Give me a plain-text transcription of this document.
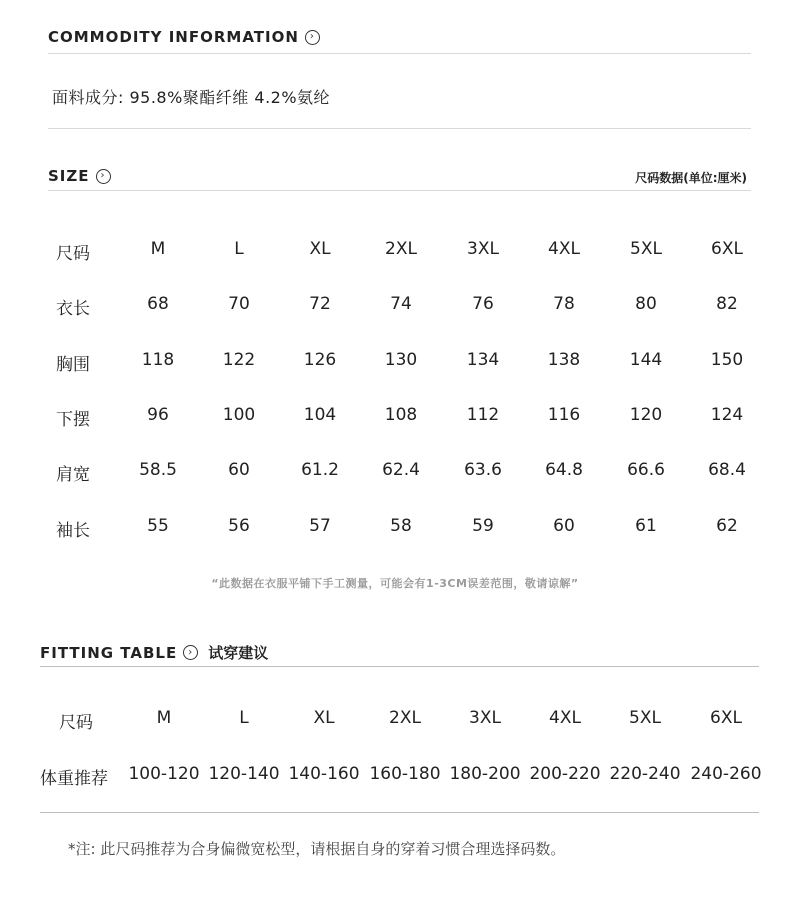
COMMODITY INFORMATION ›
面料成分: 95.8%聚酯纤维 4.2%氨纶
SIZE ›	尺码数据(单位:厘米)
尺码	M	L	XL	2XL	3XL	4XL	5XL	6XL
衣长	68	70	72	74	76	78	80	82
胸围	118	122	126	130	134	138	144	150
下摆	96	100	104	108	112	116	120	124
肩宽	58.5	60	61.2	62.4	63.6	64.8	66.6	68.4
袖长	55	56	57	58	59	60	61	62
“此数据在衣服平铺下手工测量，可能会有1-3CM误差范围，敬请谅解”
FITTING TABLE › 试穿建议
尺码	M	L	XL	2XL	3XL	4XL	5XL	6XL
体重推荐 100-120 120-140 140-160 160-180 180-200 200-220 220-240 240-260
*注: 此尺码推荐为合身偏微宽松型，请根据自身的穿着习惯合理选择码数。
